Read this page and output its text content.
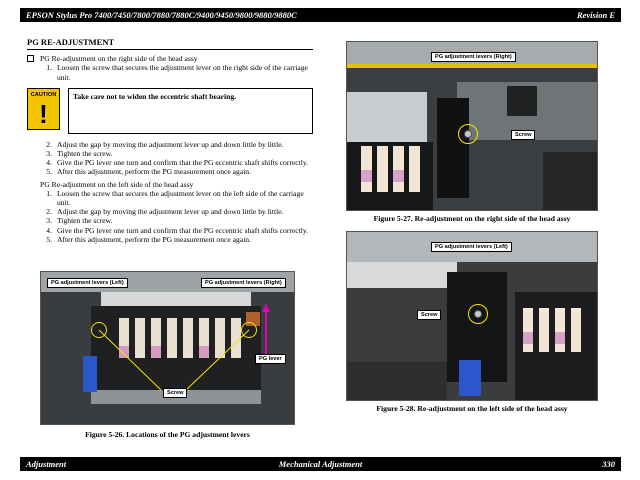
EPSON Stylus Pro 7400/7450/7800/7880/7880C/9400/9450/9800/9880/9880C	Revision E
PG RE-ADJUSTMENT
PG Re-adjustment on the right side of the head assy
1. Loosen the screw that secures the adjustment lever on the right side of the carriage unit.
CAUTION
!
Take care not to widen the eccentric shaft bearing.
2. Adjust the gap by moving the adjustment lever up and down little by little.
3. Tighten the screw.
4. Give the PG lever one turn and confirm that the PG eccentric shaft shifts correctly.
5. After this adjustment, perform the PG measurement once again.
PG Re-adjustment on the left side of the head assy
1. Loosen the screw that secures the adjustment lever on the left side of the carriage unit.
2. Adjust the gap by moving the adjustment lever up and down little by little.
3. Tighten the screw.
4. Give the PG lever one turn and confirm that the PG eccentric shaft shifts correctly.
5. After this adjustment, perform the PG measurement once again.
PG adjustment levers (Left)	PG adjustment levers (Right)
PG lever
Screw
Figure 5-26. Locations of the PG adjustment levers
PG adjustment levers (Right)
Screw
Figure 5-27. Re-adjustment on the right side of the head assy
PG adjustment levers (Left)
Screw
Figure 5-28. Re-adjustment on the left side of the head assy
Adjustment	Mechanical Adjustment	330
